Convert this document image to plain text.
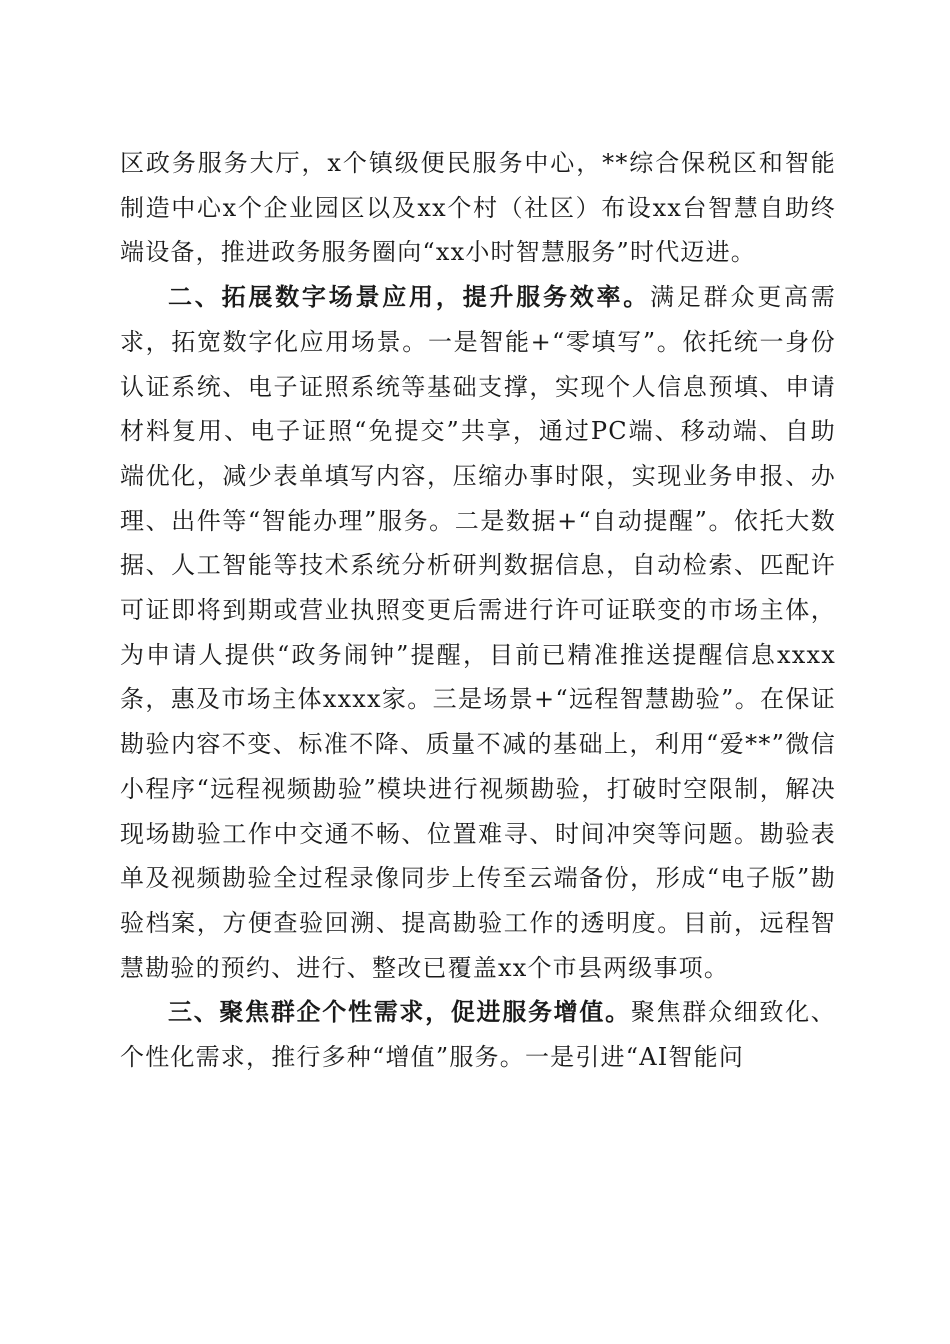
区政务服务大厅，x个镇级便民服务中心，**综合保税区和智能制造中心x个企业园区以及xx个村（社区）布设xx台智慧自助终端设备，推进政务服务圈向“xx小时智慧服务”时代迈进。

二、拓展数字场景应用，提升服务效率。满足群众更高需求，拓宽数字化应用场景。一是智能+“零填写”。依托统一身份认证系统、电子证照系统等基础支撑，实现个人信息预填、申请材料复用、电子证照“免提交”共享，通过PC端、移动端、自助端优化，减少表单填写内容，压缩办事时限，实现业务申报、办理、出件等“智能办理”服务。二是数据+“自动提醒”。依托大数据、人工智能等技术系统分析研判数据信息，自动检索、匹配许可证即将到期或营业执照变更后需进行许可证联变的市场主体，为申请人提供“政务闹钟”提醒，目前已精准推送提醒信息xxxx条，惠及市场主体xxxx家。三是场景+“远程智慧勘验”。在保证勘验内容不变、标准不降、质量不减的基础上，利用“爱**”微信小程序“远程视频勘验”模块进行视频勘验，打破时空限制，解决现场勘验工作中交通不畅、位置难寻、时间冲突等问题。勘验表单及视频勘验全过程录像同步上传至云端备份，形成“电子版”勘验档案，方便查验回溯、提高勘验工作的透明度。目前，远程智慧勘验的预约、进行、整改已覆盖xx个市县两级事项。

三、聚焦群企个性需求，促进服务增值。聚焦群众细致化、个性化需求，推行多种“增值”服务。一是引进“AI智能问
